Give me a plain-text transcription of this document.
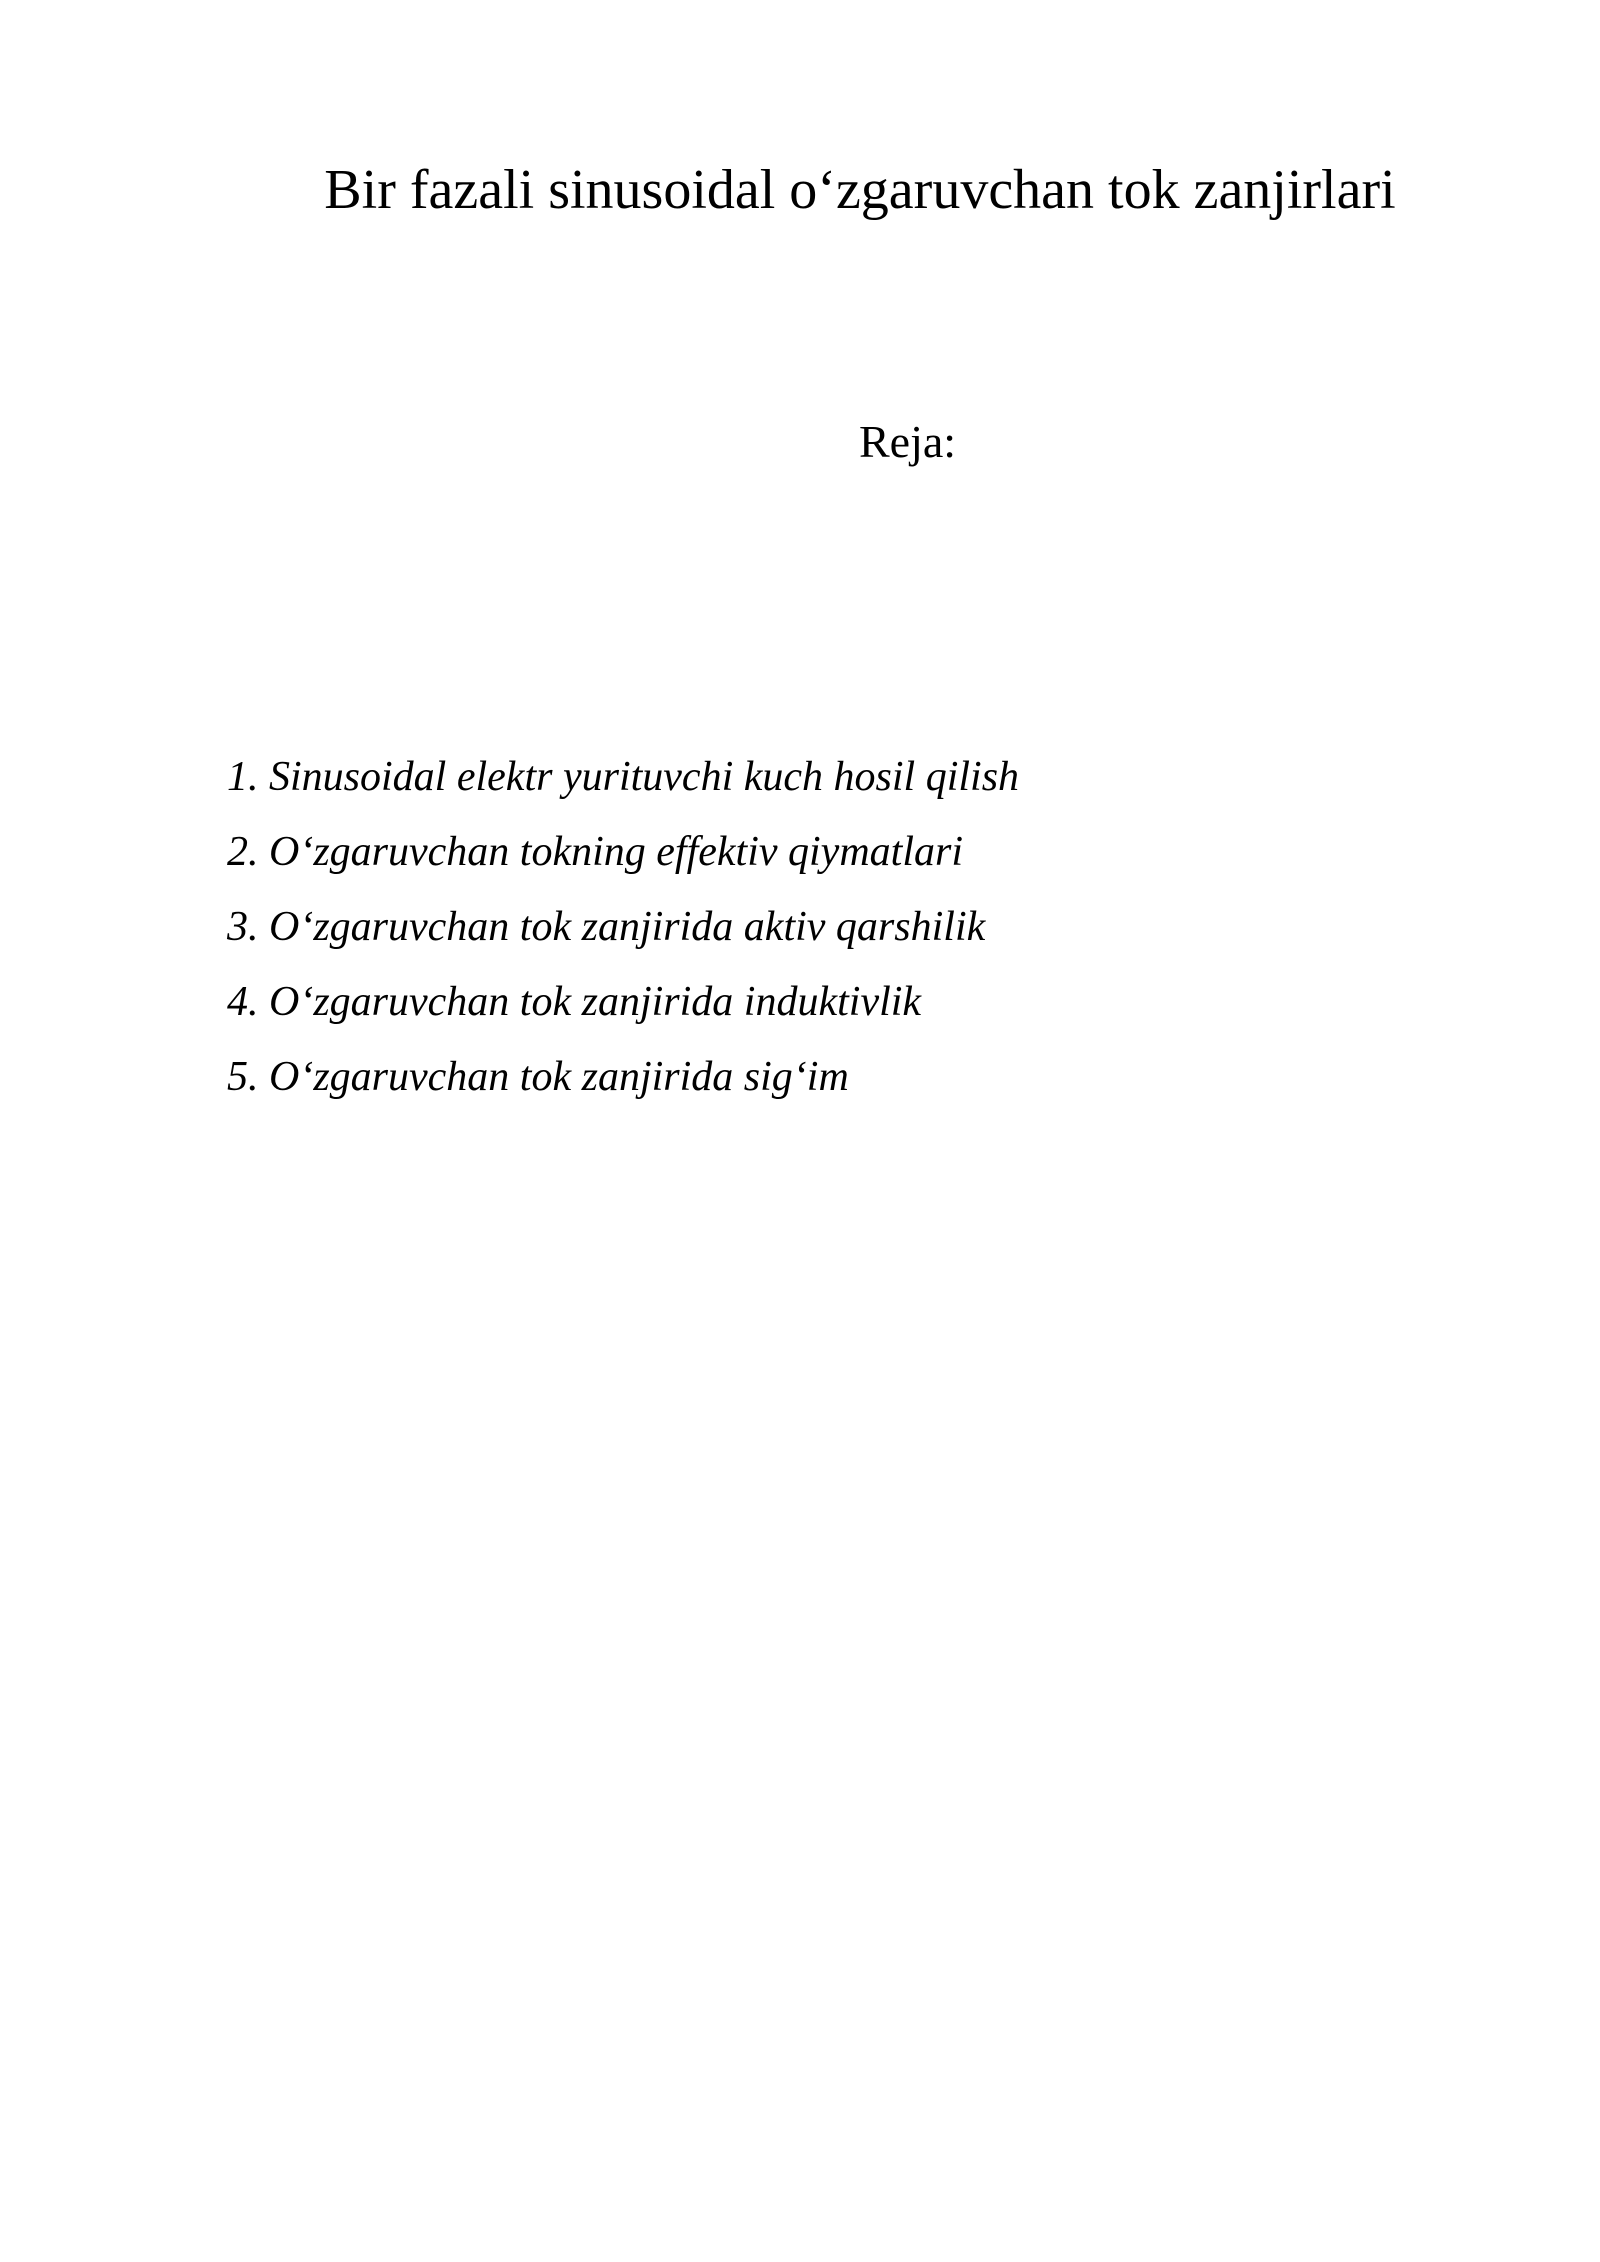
Bir fazali sinusoidal o‘zgaruvchan tok zanjirlari
Reja:
1. Sinusoidal elektr yurituvchi kuch hosil qilish
2. O‘zgaruvchan tokning effektiv qiymatlari
3. O‘zgaruvchan tok zanjirida aktiv qarshilik
4. O‘zgaruvchan tok zanjirida induktivlik
5. O‘zgaruvchan tok zanjirida sig‘im
